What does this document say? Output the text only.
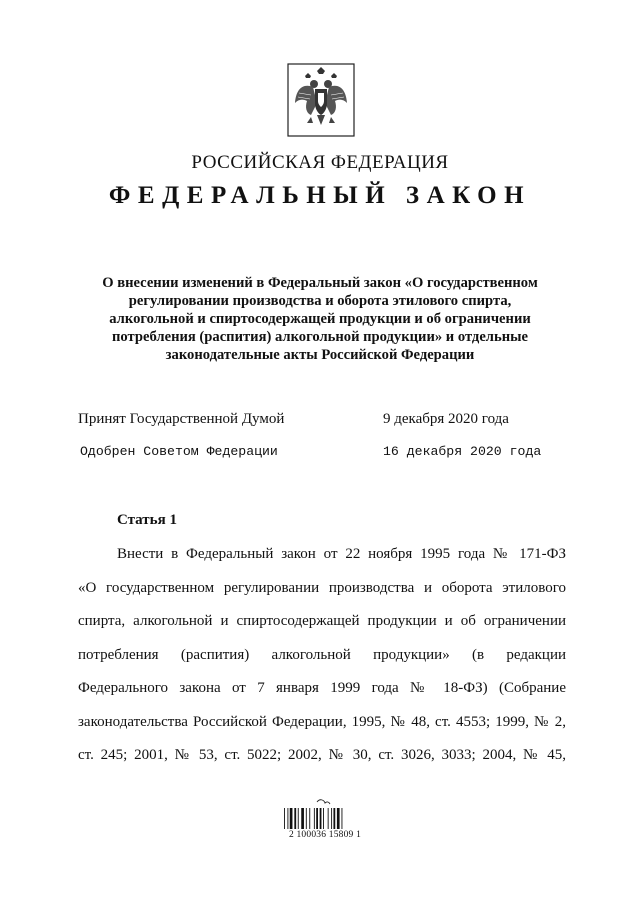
РОССИЙСКАЯ ФЕДЕРАЦИЯ
ФЕДЕРАЛЬНЫЙ ЗАКОН
О внесении изменений в Федеральный закон «О государственном
регулировании производства и оборота этилового спирта,
алкогольной и спиртосодержащей продукции и об ограничении
потребления (распития) алкогольной продукции» и отдельные
законодательные акты Российской Федерации
Принят Государственной Думой	9 декабря 2020 года
Одобрен Советом Федерации	16 декабря 2020 года
Статья 1
Внести в Федеральный закон от 22 ноября 1995 года № 171-ФЗ
«О государственном регулировании производства и оборота этилового
спирта, алкогольной и спиртосодержащей продукции и об ограничении
потребления (распития) алкогольной продукции» (в редакции
Федерального закона от 7 января 1999 года № 18-ФЗ) (Собрание
законодательства Российской Федерации, 1995, № 48, ст. 4553; 1999, № 2,
ст. 245; 2001, № 53, ст. 5022; 2002, № 30, ст. 3026, 3033; 2004, № 45,
2 100036 15809 1
